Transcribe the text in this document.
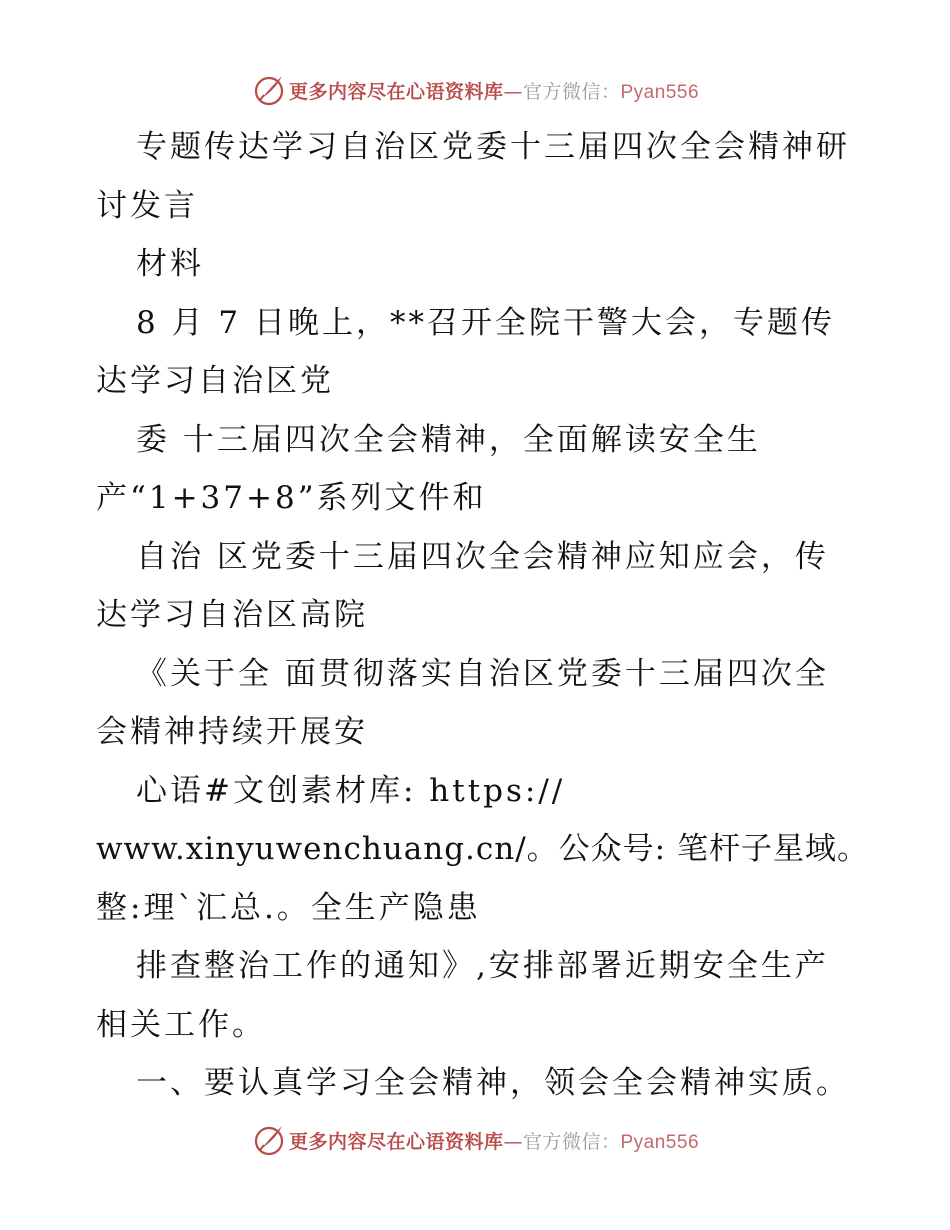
更多内容尽在心语资料库—官方微信：Pyan556
专题传达学习自治区党委十三届四次全会精神研
讨发言
材料
8 月 7 日晚上，**召开全院干警大会，专题传
达学习自治区党
委 十三届四次全会精神，全面解读安全生
产“1+37+8”系列文件和
自治 区党委十三届四次全会精神应知应会，传
达学习自治区高院
《关于全 面贯彻落实自治区党委十三届四次全
会精神持续开展安
心语#文创素材库: https://
www.xinyuwenchuang.cn/。公众号: 笔杆子星域。
整:理`汇总.。全生产隐患
排查整治工作的通知》,安排部署近期安全生产
相关工作。
一、要认真学习全会精神，领会全会精神实质。
更多内容尽在心语资料库—官方微信：Pyan556
